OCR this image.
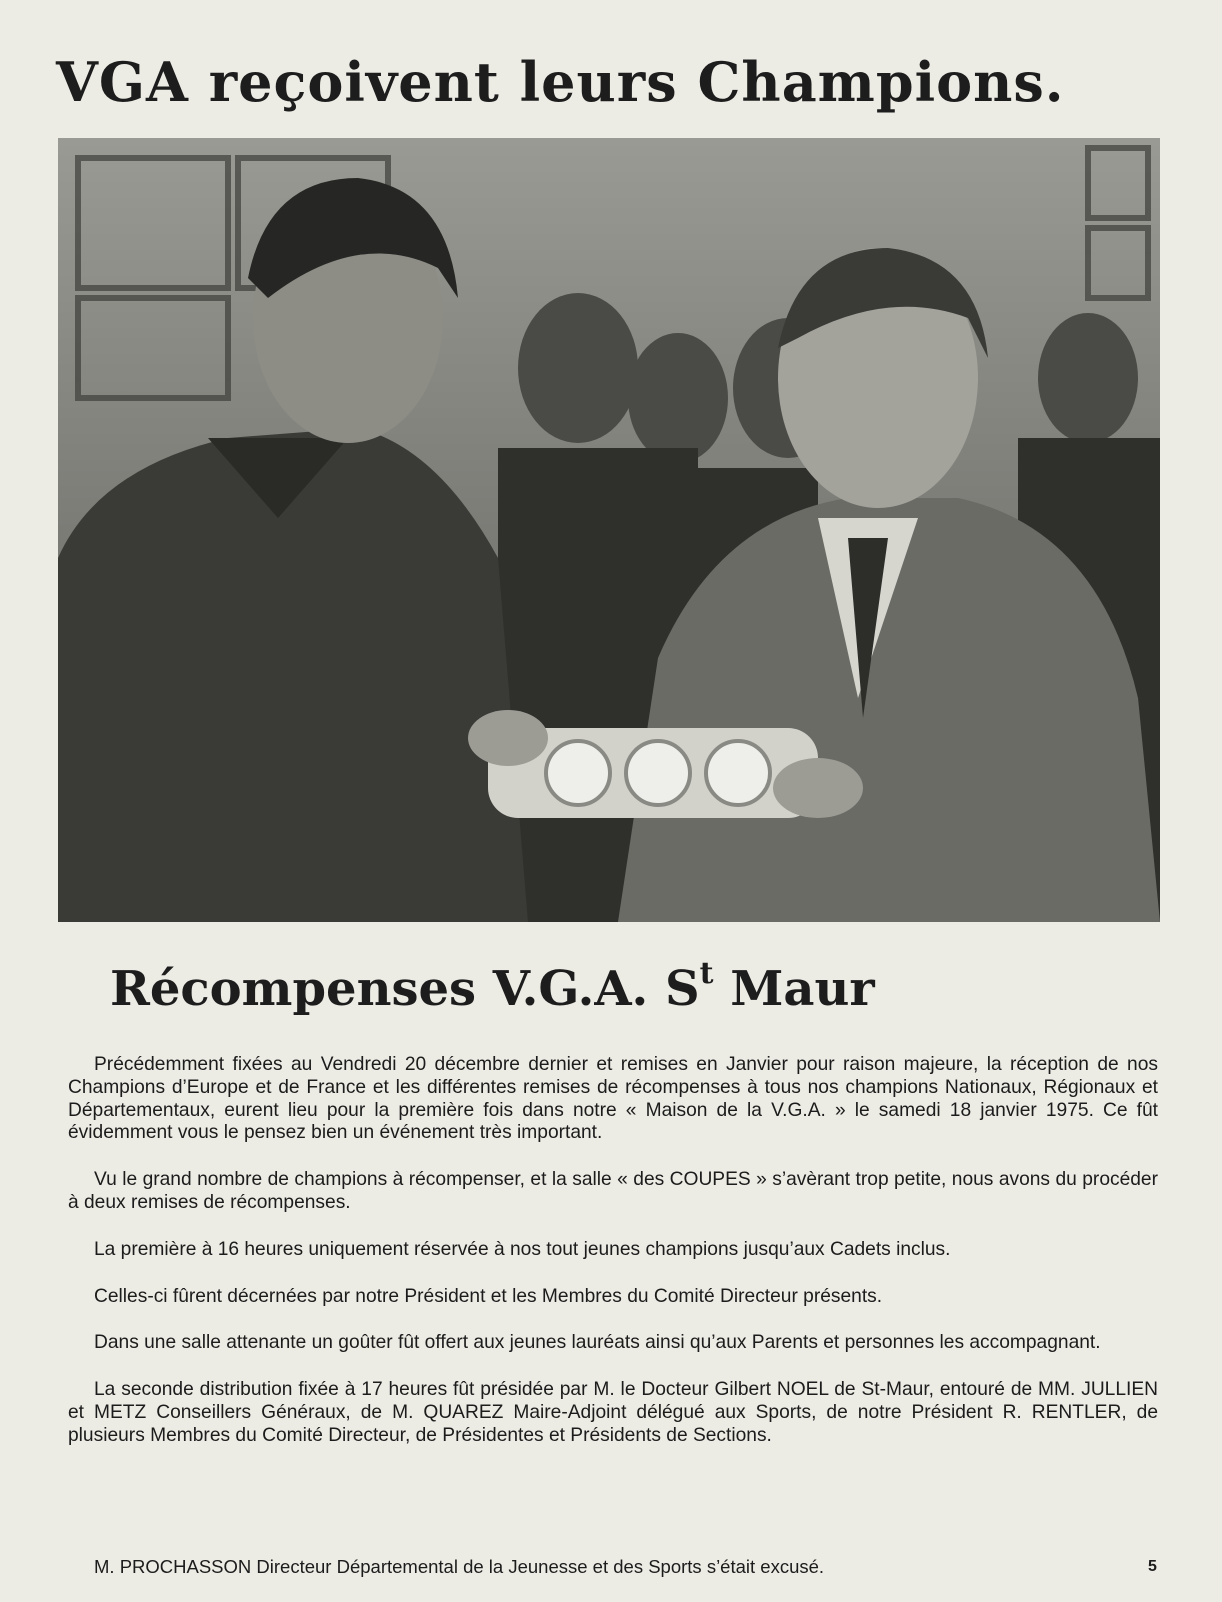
VGA reçoivent leurs Champions.
Récompenses V.G.A. $S^t$ Maur

Précédemment fixées au Vendredi 20 décembre dernier et remises en Janvier pour raison majeure, la réception de nos Champions d’Europe et de France et les différentes remises de récompenses à tous nos champions Nationaux, Régionaux et Départementaux, eurent lieu pour la première fois dans notre « Maison de la V.G.A. » le samedi 18 janvier 1975. Ce fût évidemment vous le pensez bien un événement très important.

Vu le grand nombre de champions à récompenser, et la salle « des COUPES » s’avèrant trop petite, nous avons du procéder à deux remises de récompenses.

La première à 16 heures uniquement réservée à nos tout jeunes champions jusqu’aux Cadets inclus.

Celles-ci fûrent décernées par notre Président et les Membres du Comité Directeur présents.

Dans une salle attenante un goûter fût offert aux jeunes lauréats ainsi qu’aux Parents et personnes les accompagnant.

La seconde distribution fixée à 17 heures fût présidée par M. le Docteur Gilbert NOEL de St-Maur, entouré de MM. JULLIEN et METZ Conseillers Généraux, de M. QUAREZ Maire-Adjoint délégué aux Sports, de notre Président R. RENTLER, de plusieurs Membres du Comité Directeur, de Présidentes et Présidents de Sections.

M. PROCHASSON Directeur Départemental de la Jeunesse et des Sports s’était excusé.	5
